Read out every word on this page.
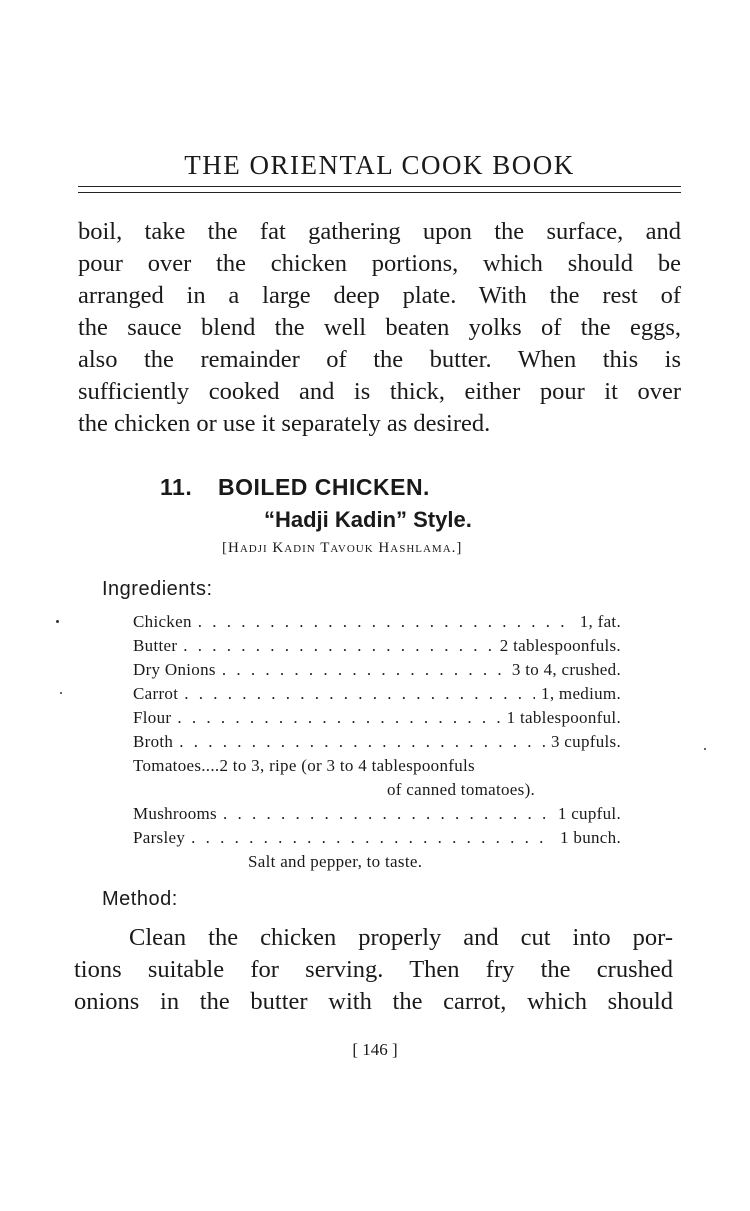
THE ORIENTAL COOK BOOK
boil, take the fat gathering upon the surface, and
pour over the chicken portions, which should be
arranged in a large deep plate. With the rest of
the sauce blend the well beaten yolks of the eggs,
also the remainder of the butter. When this is
sufficiently cooked and is thick, either pour it over
the chicken or use it separately as desired.
11. BOILED CHICKEN.
“Hadji Kadin” Style.
[Hadji Kadin Tavouk Hashlama.]
Ingredients:
Chicken . . .	1, fat.
Butter . . .	2 tablespoonfuls.
Dry Onions . . .	3 to 4, crushed.
Carrot . . .	1, medium.
Flour . . .	1 tablespoonful.
Broth . . .	3 cupfuls.
Tomatoes....2 to 3, ripe (or 3 to 4 tablespoonfuls
of canned tomatoes).
Mushrooms . . .	1 cupful.
Parsley . . .	1 bunch.
Salt and pepper, to taste.
Method:
Clean the chicken properly and cut into por-
tions suitable for serving. Then fry the crushed
onions in the butter with the carrot, which should
[ 146 ]
